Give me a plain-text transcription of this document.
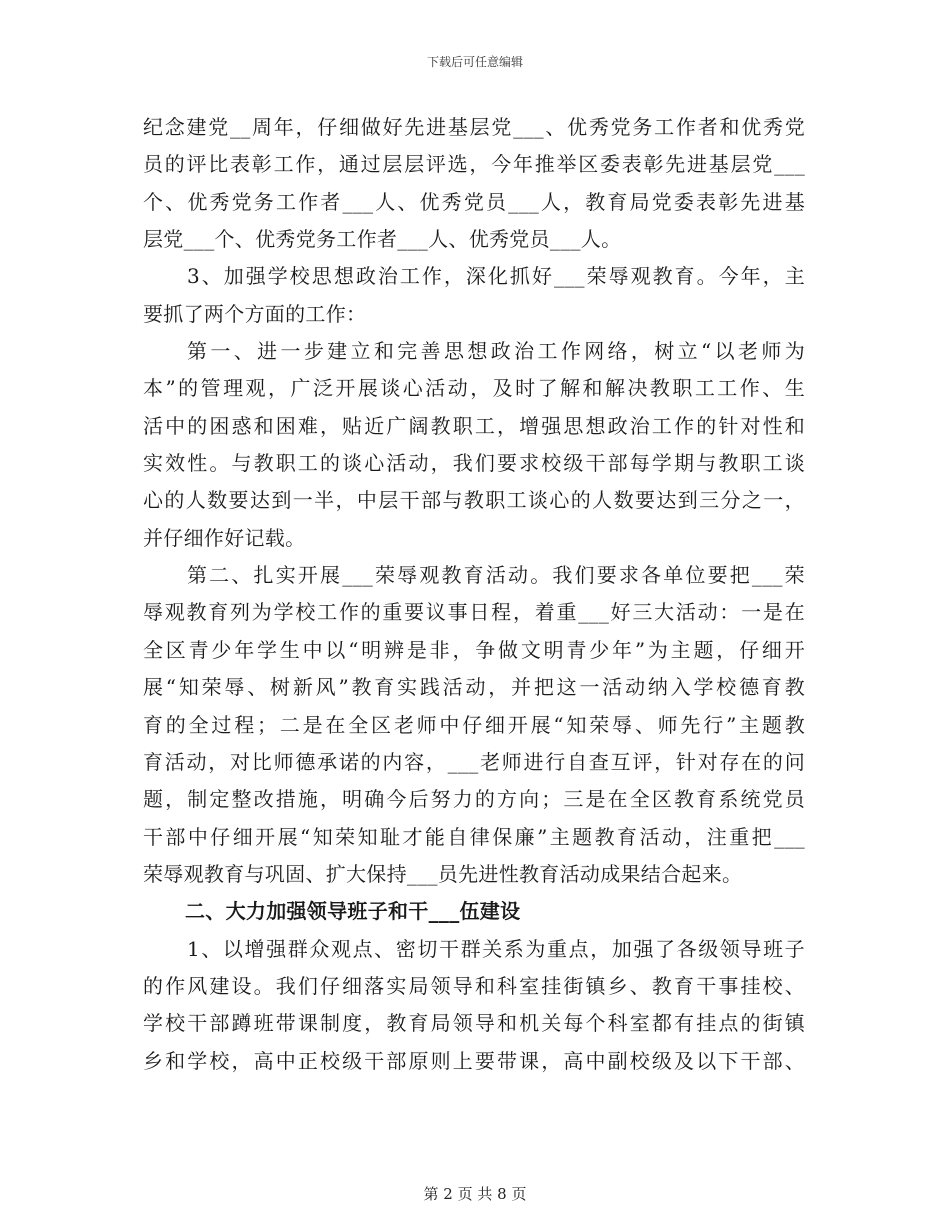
下载后可任意编辑
纪念建党__周年，仔细做好先进基层党___、优秀党务工作者和优秀党
员的评比表彰工作，通过层层评选，今年推举区委表彰先进基层党___
个、优秀党务工作者___人、优秀党员___人，教育局党委表彰先进基
层党___个、优秀党务工作者___人、优秀党员___人。
3、加强学校思想政治工作，深化抓好___荣辱观教育。今年，主
要抓了两个方面的工作：
第一、进一步建立和完善思想政治工作网络，树立“以老师为
本”的管理观，广泛开展谈心活动，及时了解和解决教职工工作、生
活中的困惑和困难，贴近广阔教职工，增强思想政治工作的针对性和
实效性。与教职工的谈心活动，我们要求校级干部每学期与教职工谈
心的人数要达到一半，中层干部与教职工谈心的人数要达到三分之一，
并仔细作好记载。
第二、扎实开展___荣辱观教育活动。我们要求各单位要把___荣
辱观教育列为学校工作的重要议事日程，着重___好三大活动：一是在
全区青少年学生中以“明辨是非，争做文明青少年”为主题，仔细开
展“知荣辱、树新风”教育实践活动，并把这一活动纳入学校德育教
育的全过程；二是在全区老师中仔细开展“知荣辱、师先行”主题教
育活动，对比师德承诺的内容，___老师进行自查互评，针对存在的问
题，制定整改措施，明确今后努力的方向；三是在全区教育系统党员
干部中仔细开展“知荣知耻才能自律保廉”主题教育活动，注重把___
荣辱观教育与巩固、扩大保持___员先进性教育活动成果结合起来。
二、大力加强领导班子和干___伍建设
1、以增强群众观点、密切干群关系为重点，加强了各级领导班子
的作风建设。我们仔细落实局领导和科室挂街镇乡、教育干事挂校、
学校干部蹲班带课制度，教育局领导和机关每个科室都有挂点的街镇
乡和学校，高中正校级干部原则上要带课，高中副校级及以下干部、
第 2 页 共 8 页
